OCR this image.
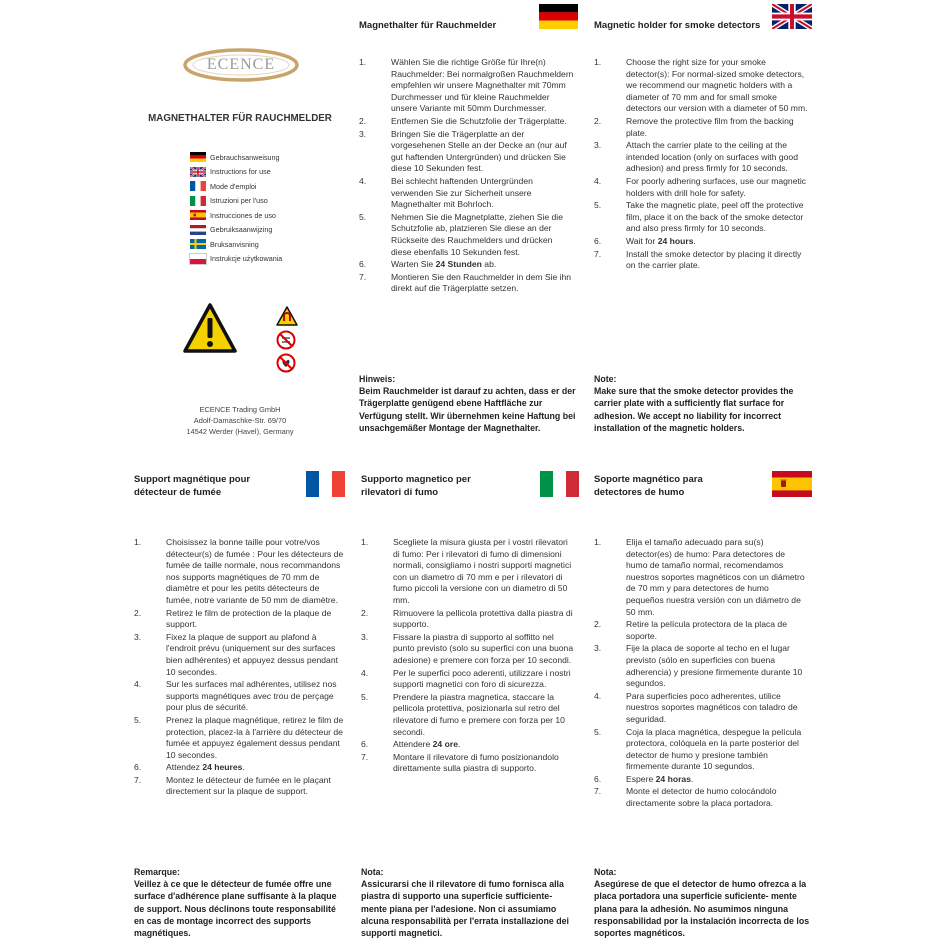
ECENCE
MAGNETHALTER FÜR RAUCHMELDER
Gebrauchsanweisung
Instructions for use
Mode d'emploi
Istruzioni per l'uso
Instrucciones de uso
Gebruiksaanwijzing
Bruksanvisning
Instrukcje użytkowania
ECENCE Trading GmbH
Adolf-Damaschke-Str. 69/70
14542 Werder (Havel), Germany
Magnethalter für Rauchmelder
1.	Wählen Sie die richtige Größe für Ihre(n) Rauchmelder: Bei normalgroßen Rauchmeldern empfehlen wir unsere Magnethalter mit 70mm Durchmesser und für kleine Rauchmelder unsere Variante mit 50mm Durchmesser.
2.	Entfernen Sie die Schutzfolie der Trägerplatte.
3.	Bringen Sie die Trägerplatte an der vorgesehenen Stelle an der Decke an (nur auf gut haftenden Untergründen) und drücken Sie diese 10 Sekunden fest.
4.	Bei schlecht haftenden Untergründen verwenden Sie zur Sicherheit unsere Magnethalter mit Bohrloch.
5.	Nehmen Sie die Magnetplatte, ziehen Sie die Schutzfolie ab, platzieren Sie diese an der Rückseite des Rauchmelders und drücken diese ebenfalls 10 Sekunden fest.
6.	Warten Sie 24 Stunden ab.
7.	Montieren Sie den Rauchmelder in dem Sie ihn direkt auf die Trägerplatte setzen.
Hinweis:
Beim Rauchmelder ist darauf zu achten, dass er der Trägerplatte genügend ebene Haftfläche zur Verfügung stellt. Wir übernehmen keine Haftung bei unsachgemäßer Montage der Magnethalter.
Magnetic holder for smoke detectors
1.	Choose the right size for your smoke detector(s): For normal-sized smoke detectors, we recommend our magnetic holders with a diameter of 70 mm and for small smoke detectors our version with a diameter of 50 mm.
2.	Remove the protective film from the backing plate.
3.	Attach the carrier plate to the ceiling at the intended location (only on surfaces with good adhesion) and press firmly for 10 seconds.
4.	For poorly adhering surfaces, use our magnetic holders with drill hole for safety.
5.	Take the magnetic plate, peel off the protective film, place it on the back of the smoke detector and also press firmly for 10 seconds.
6.	Wait for 24 hours.
7.	Install the smoke detector by placing it directly on the carrier plate.
Note:
Make sure that the smoke detector provides the carrier plate with a sufficiently flat surface for adhesion. We accept no liability for incorrect installation of the magnetic holders.
Support magnétique pour détecteur de fumée
1.	Choisissez la bonne taille pour votre/vos détecteur(s) de fumée : Pour les détecteurs de fumée de taille normale, nous recommandons nos supports magnétiques de 70 mm de diamètre et pour les petits détecteurs de fumée, notre variante de 50 mm de diamètre.
2.	Retirez le film de protection de la plaque de support.
3.	Fixez la plaque de support au plafond à l'endroit prévu (uniquement sur des surfaces bien adhérentes) et appuyez dessus pendant 10 secondes.
4.	Sur les surfaces mal adhérentes, utilisez nos supports magnétiques avec trou de perçage pour plus de sécurité.
5.	Prenez la plaque magnétique, retirez le film de protection, placez-la à l'arrière du détecteur de fumée et appuyez également dessus pendant 10 secondes.
6.	Attendez 24 heures.
7.	Montez le détecteur de fumée en le plaçant directement sur la plaque de support.
Remarque:
Veillez à ce que le détecteur de fumée offre une surface d'adhérence plane suffisante à la plaque de support. Nous déclinons toute responsabilité en cas de montage incorrect des supports magnétiques.
Supporto magnetico per rilevatori di fumo
1.	Scegliete la misura giusta per i vostri rilevatori di fumo: Per i rilevatori di fumo di dimensioni normali, consigliamo i nostri supporti magnetici con un diametro di 70 mm e per i rilevatori di fumo piccoli la versione con un diametro di 50 mm.
2.	Rimuovere la pellicola protettiva dalla piastra di supporto.
3.	Fissare la piastra di supporto al soffitto nel punto previsto (solo su superfici con una buona adesione) e premere con forza per 10 secondi.
4.	Per le superfici poco aderenti, utilizzare i nostri supporti magnetici con foro di sicurezza.
5.	Prendere la piastra magnetica, staccare la pellicola protettiva, posizionarla sul retro del rilevatore di fumo e premere con forza per 10 secondi.
6.	Attendere 24 ore.
7.	Montare il rilevatore di fumo posizionandolo direttamente sulla piastra di supporto.
Nota:
Assicurarsi che il rilevatore di fumo fornisca alla piastra di supporto una superficie sufficiente- mente piana per l'adesione. Non ci assumiamo alcuna responsabilità per l'errata installazione dei supporti magnetici.
Soporte magnético para detectores de humo
1.	Elija el tamaño adecuado para su(s) detector(es) de humo: Para detectores de humo de tamaño normal, recomendamos nuestros soportes magnéticos con un diámetro de 70 mm y para detectores de humo pequeños nuestra versión con un diámetro de 50 mm.
2.	Retire la película protectora de la placa de soporte.
3.	Fije la placa de soporte al techo en el lugar previsto (sólo en superficies con buena adherencia) y presione firmemente durante 10 segundos.
4.	Para superficies poco adherentes, utilice nuestros soportes magnéticos con taladro de seguridad.
5.	Coja la placa magnética, despegue la película protectora, colóquela en la parte posterior del detector de humo y presione también firmemente durante 10 segundos.
6.	Espere 24 horas.
7.	Monte el detector de humo colocándolo directamente sobre la placa portadora.
Nota:
Asegúrese de que el detector de humo ofrezca a la placa portadora una superficie suficiente- mente plana para la adhesión. No asumimos ninguna responsabilidad por la instalación incorrecta de los soportes magnéticos.
